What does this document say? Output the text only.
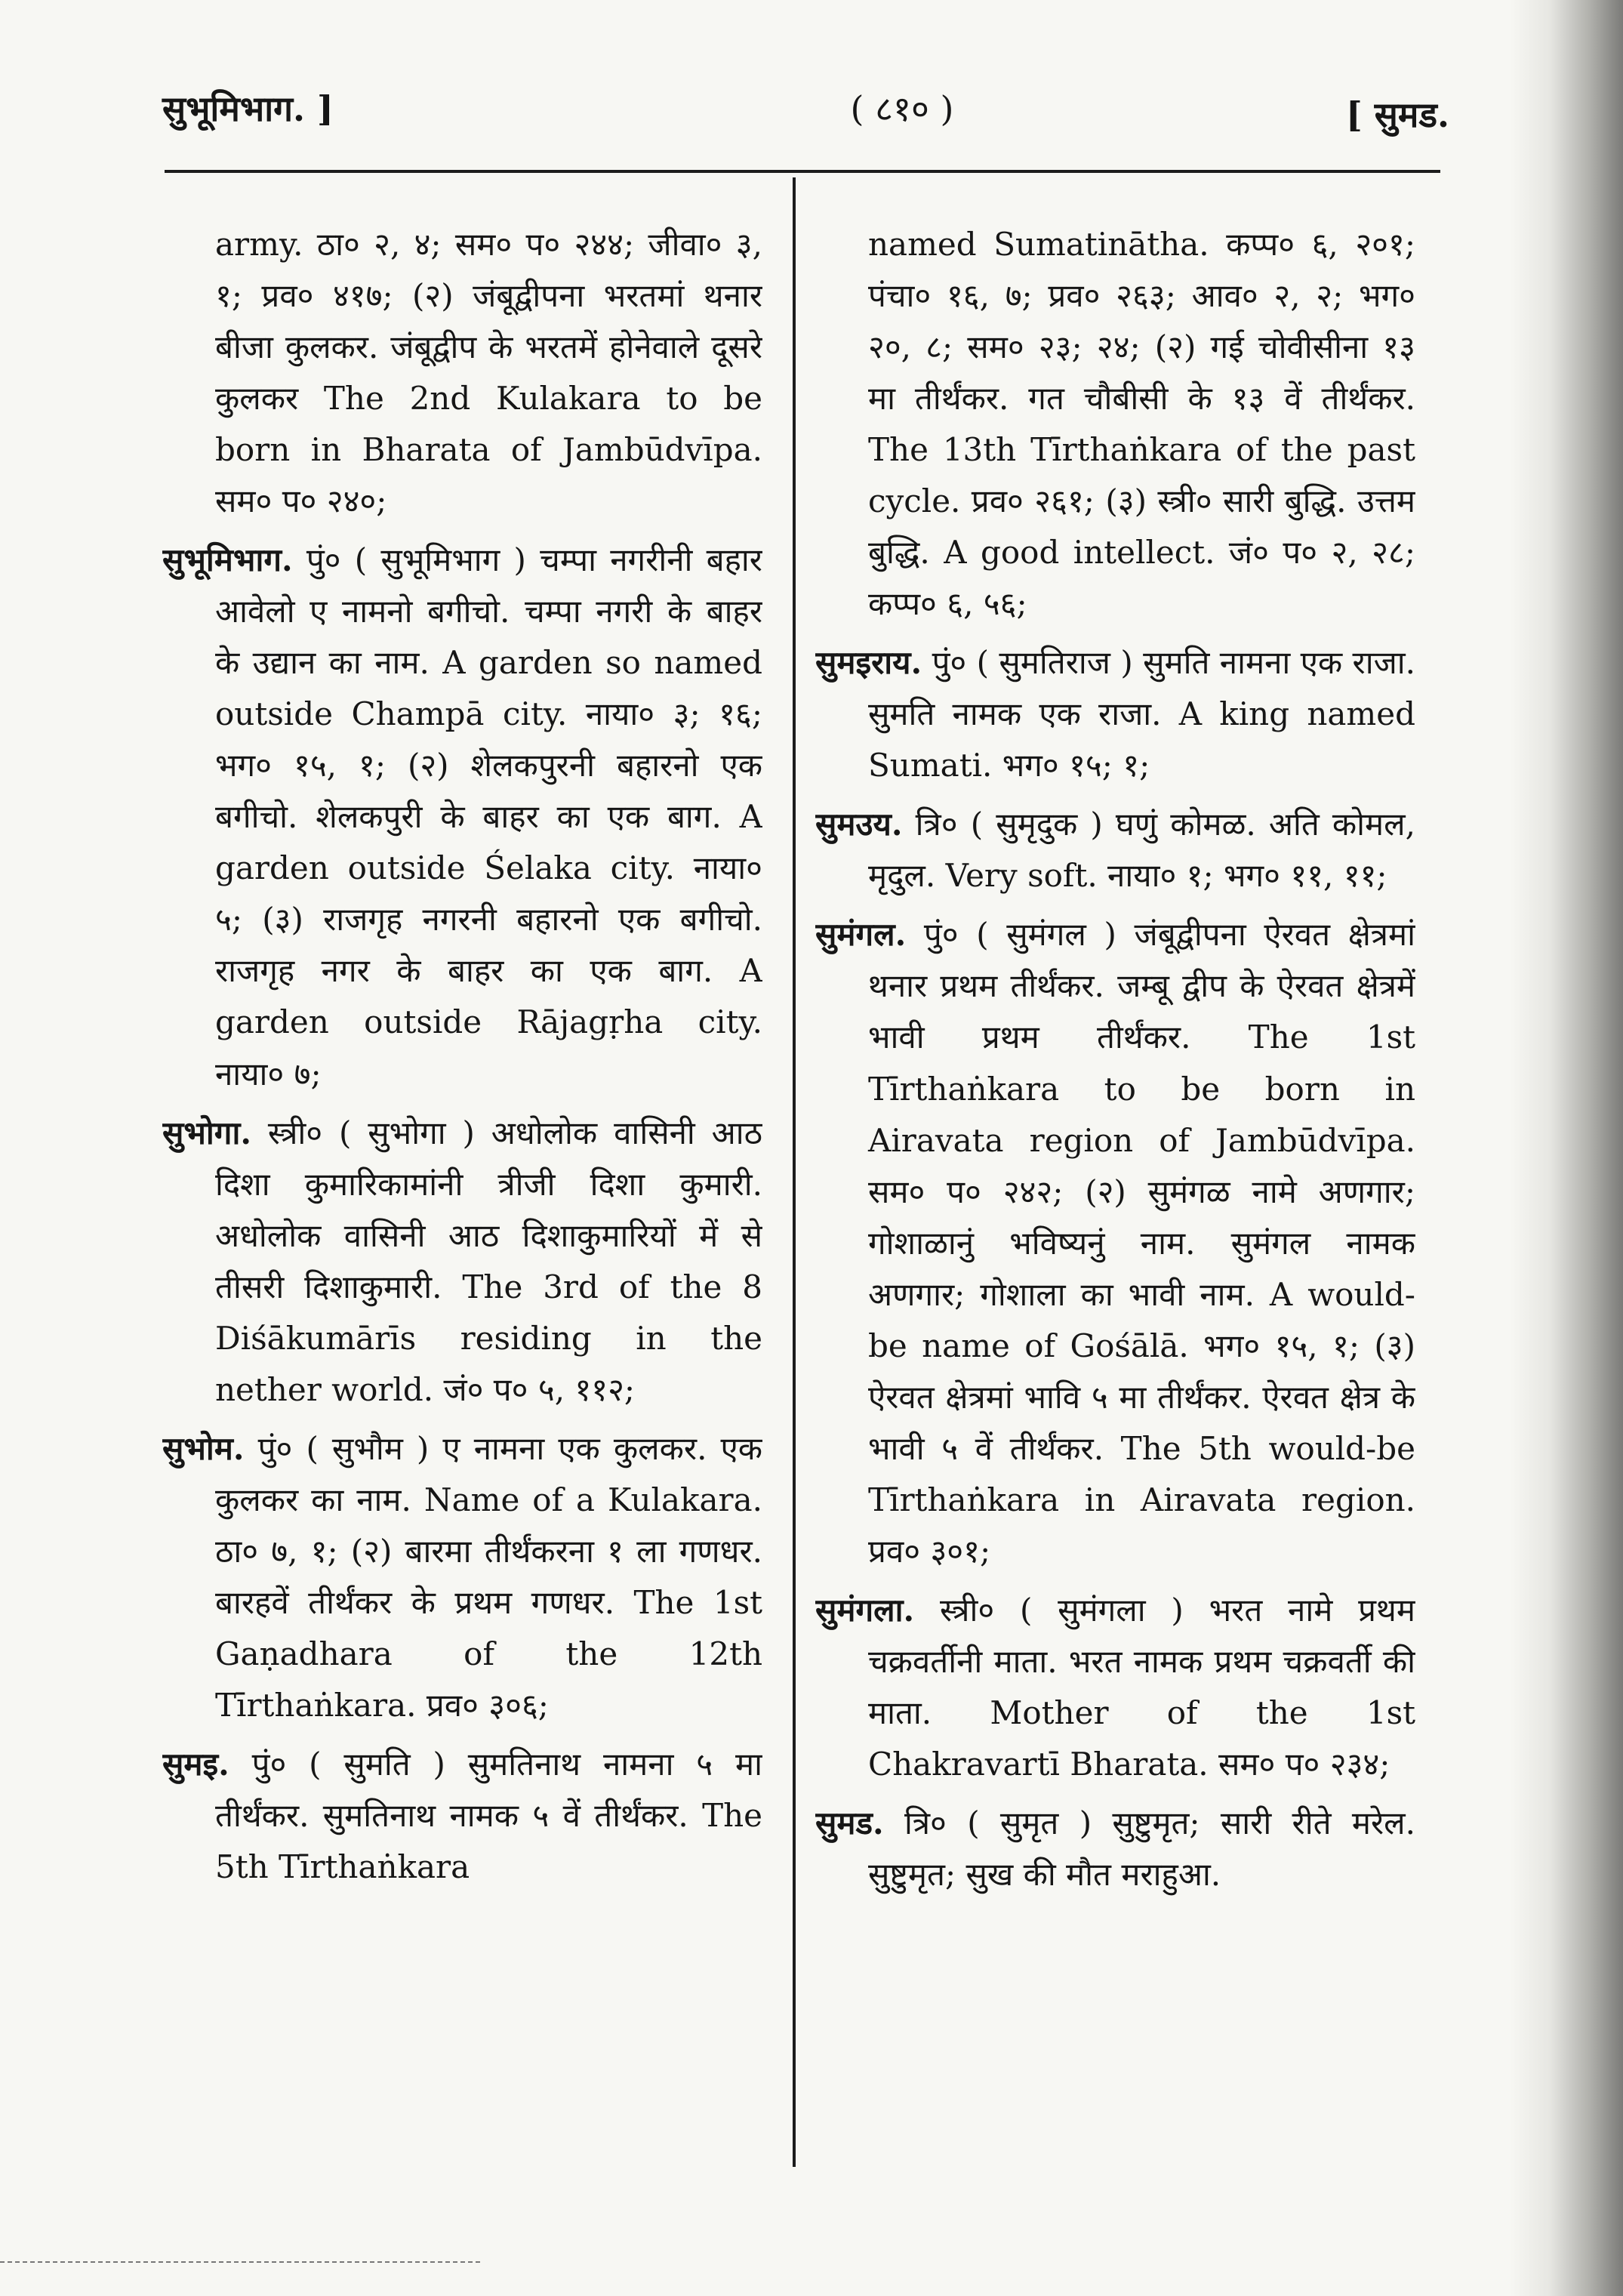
सुभूमिभाग. ]	( ८१० )	[ सुमड.

army. ठा० २, ४; सम० प० २४४; जीवा० ३, १; प्रव० ४१७; (२) जंबूद्वीपना भरतमां थनार बीजा कुलकर. जंबूद्वीप के भरतमें होनेवाले दूसरे कुलकर The 2nd Kulakara to be born in Bharata of Jambūdvīpa. सम० प० २४०;

सुभूमिभाग. पुं० ( सुभूमिभाग ) चम्पा नगरीनी बहार आवेलो ए नामनो बगीचो. चम्पा नगरी के बाहर के उद्यान का नाम. A garden so named outside Champā city. नाया० ३; १६; भग० १५, १; (२) शेलकपुरनी बहारनो एक बगीचो. शेलकपुरी के बाहर का एक बाग. A garden outside Śelaka city. नाया० ५; (३) राजगृह नगरनी बहारनो एक बगीचो. राजगृह नगर के बाहर का एक बाग. A garden outside Rājagṛha city. नाया० ७;

सुभोगा. स्त्री० ( सुभोगा ) अधोलोक वासिनी आठ दिशा कुमारिकामांनी त्रीजी दिशा कुमारी. अधोलोक वासिनी आठ दिशाकुमारियों में से तीसरी दिशाकुमारी. The 3rd of the 8 Diśākumārīs residing in the nether world. जं० प० ५, ११२;

सुभोम. पुं० ( सुभौम ) ए नामना एक कुलकर. एक कुलकर का नाम. Name of a Kulakara. ठा० ७, १; (२) बारमा तीर्थंकरना १ ला गणधर. बारहवें तीर्थंकर के प्रथम गणधर. The 1st Gaṇadhara of the 12th Tīrthaṅkara. प्रव० ३०६;

सुमइ. पुं० ( सुमति ) सुमतिनाथ नामना ५ मा तीर्थंकर. सुमतिनाथ नामक ५ वें तीर्थंकर. The 5th Tīrthaṅkara

named Sumatinātha. कप्प० ६, २०१; पंचा० १६, ७; प्रव० २६३; आव० २, २; भग० २०, ८; सम० २३; २४; (२) गई चोवीसीना १३ मा तीर्थंकर. गत चौबीसी के १३ वें तीर्थंकर. The 13th Tīrthaṅkara of the past cycle. प्रव० २६१; (३) स्त्री० सारी बुद्धि. उत्तम बुद्धि. A good intellect. जं० प० २, २८; कप्प० ६, ५६;

सुमइराय. पुं० ( सुमतिराज ) सुमति नामना एक राजा. सुमति नामक एक राजा. A king named Sumati. भग० १५; १;

सुमउय. त्रि० ( सुमृदुक ) घणुं कोमळ. अति कोमल, मृदुल. Very soft. नाया० १; भग० ११, ११;

सुमंगल. पुं० ( सुमंगल ) जंबूद्वीपना ऐरवत क्षेत्रमां थनार प्रथम तीर्थंकर. जम्बू द्वीप के ऐरवत क्षेत्रमें भावी प्रथम तीर्थंकर. The 1st Tīrthaṅkara to be born in Airavata region of Jambūdvīpa. सम० प० २४२; (२) सुमंगळ नामे अणगार; गोशाळानुं भविष्यनुं नाम. सुमंगल नामक अणगार; गोशाला का भावी नाम. A would-be name of Gośālā. भग० १५, १; (३) ऐरवत क्षेत्रमां भावि ५ मा तीर्थंकर. ऐरवत क्षेत्र के भावी ५ वें तीर्थंकर. The 5th would-be Tīrthaṅkara in Airavata region. प्रव० ३०१;

सुमंगला. स्त्री० ( सुमंगला ) भरत नामे प्रथम चक्रवर्तीनी माता. भरत नामक प्रथम चक्रवर्ती की माता. Mother of the 1st Chakravartī Bharata. सम० प० २३४;

सुमड. त्रि० ( सुमृत ) सुष्टुमृत; सारी रीते मरेल. सुष्टुमृत; सुख की मौत मराहुआ.
